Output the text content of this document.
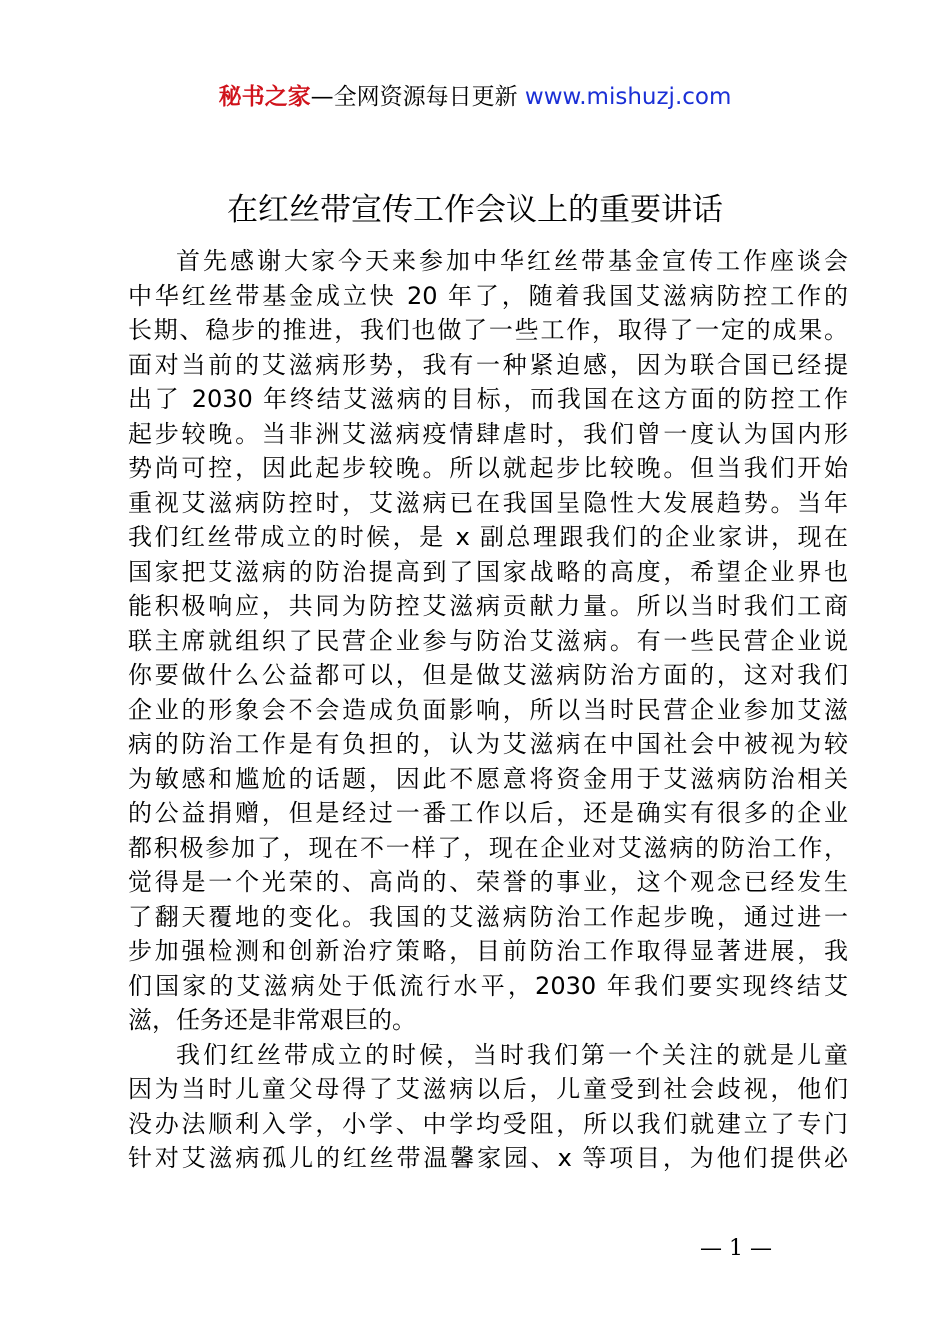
秘书之家—全网资源每日更新 www.mishuzj.com
在红丝带宣传工作会议上的重要讲话
首先感谢大家今天来参加中华红丝带基金宣传工作座谈会
中华红丝带基金成立快 20 年了，随着我国艾滋病防控工作的
长期、稳步的推进，我们也做了一些工作，取得了一定的成果。
面对当前的艾滋病形势，我有一种紧迫感，因为联合国已经提
出了 2030 年终结艾滋病的目标，而我国在这方面的防控工作
起步较晚。当非洲艾滋病疫情肆虐时，我们曾一度认为国内形
势尚可控，因此起步较晚。所以就起步比较晚。但当我们开始
重视艾滋病防控时，艾滋病已在我国呈隐性大发展趋势。当年
我们红丝带成立的时候，是 x 副总理跟我们的企业家讲，现在
国家把艾滋病的防治提高到了国家战略的高度，希望企业界也
能积极响应，共同为防控艾滋病贡献力量。所以当时我们工商
联主席就组织了民营企业参与防治艾滋病。有一些民营企业说
你要做什么公益都可以，但是做艾滋病防治方面的，这对我们
企业的形象会不会造成负面影响，所以当时民营企业参加艾滋
病的防治工作是有负担的，认为艾滋病在中国社会中被视为较
为敏感和尴尬的话题，因此不愿意将资金用于艾滋病防治相关
的公益捐赠，但是经过一番工作以后，还是确实有很多的企业
都积极参加了，现在不一样了，现在企业对艾滋病的防治工作，
觉得是一个光荣的、高尚的、荣誉的事业，这个观念已经发生
了翻天覆地的变化。我国的艾滋病防治工作起步晚，通过进一
步加强检测和创新治疗策略，目前防治工作取得显著进展，我
们国家的艾滋病处于低流行水平，2030 年我们要实现终结艾
滋，任务还是非常艰巨的。
我们红丝带成立的时候，当时我们第一个关注的就是儿童
因为当时儿童父母得了艾滋病以后，儿童受到社会歧视，他们
没办法顺利入学，小学、中学均受阻，所以我们就建立了专门
针对艾滋病孤儿的红丝带温馨家园、x 等项目，为他们提供必
— 1 —
